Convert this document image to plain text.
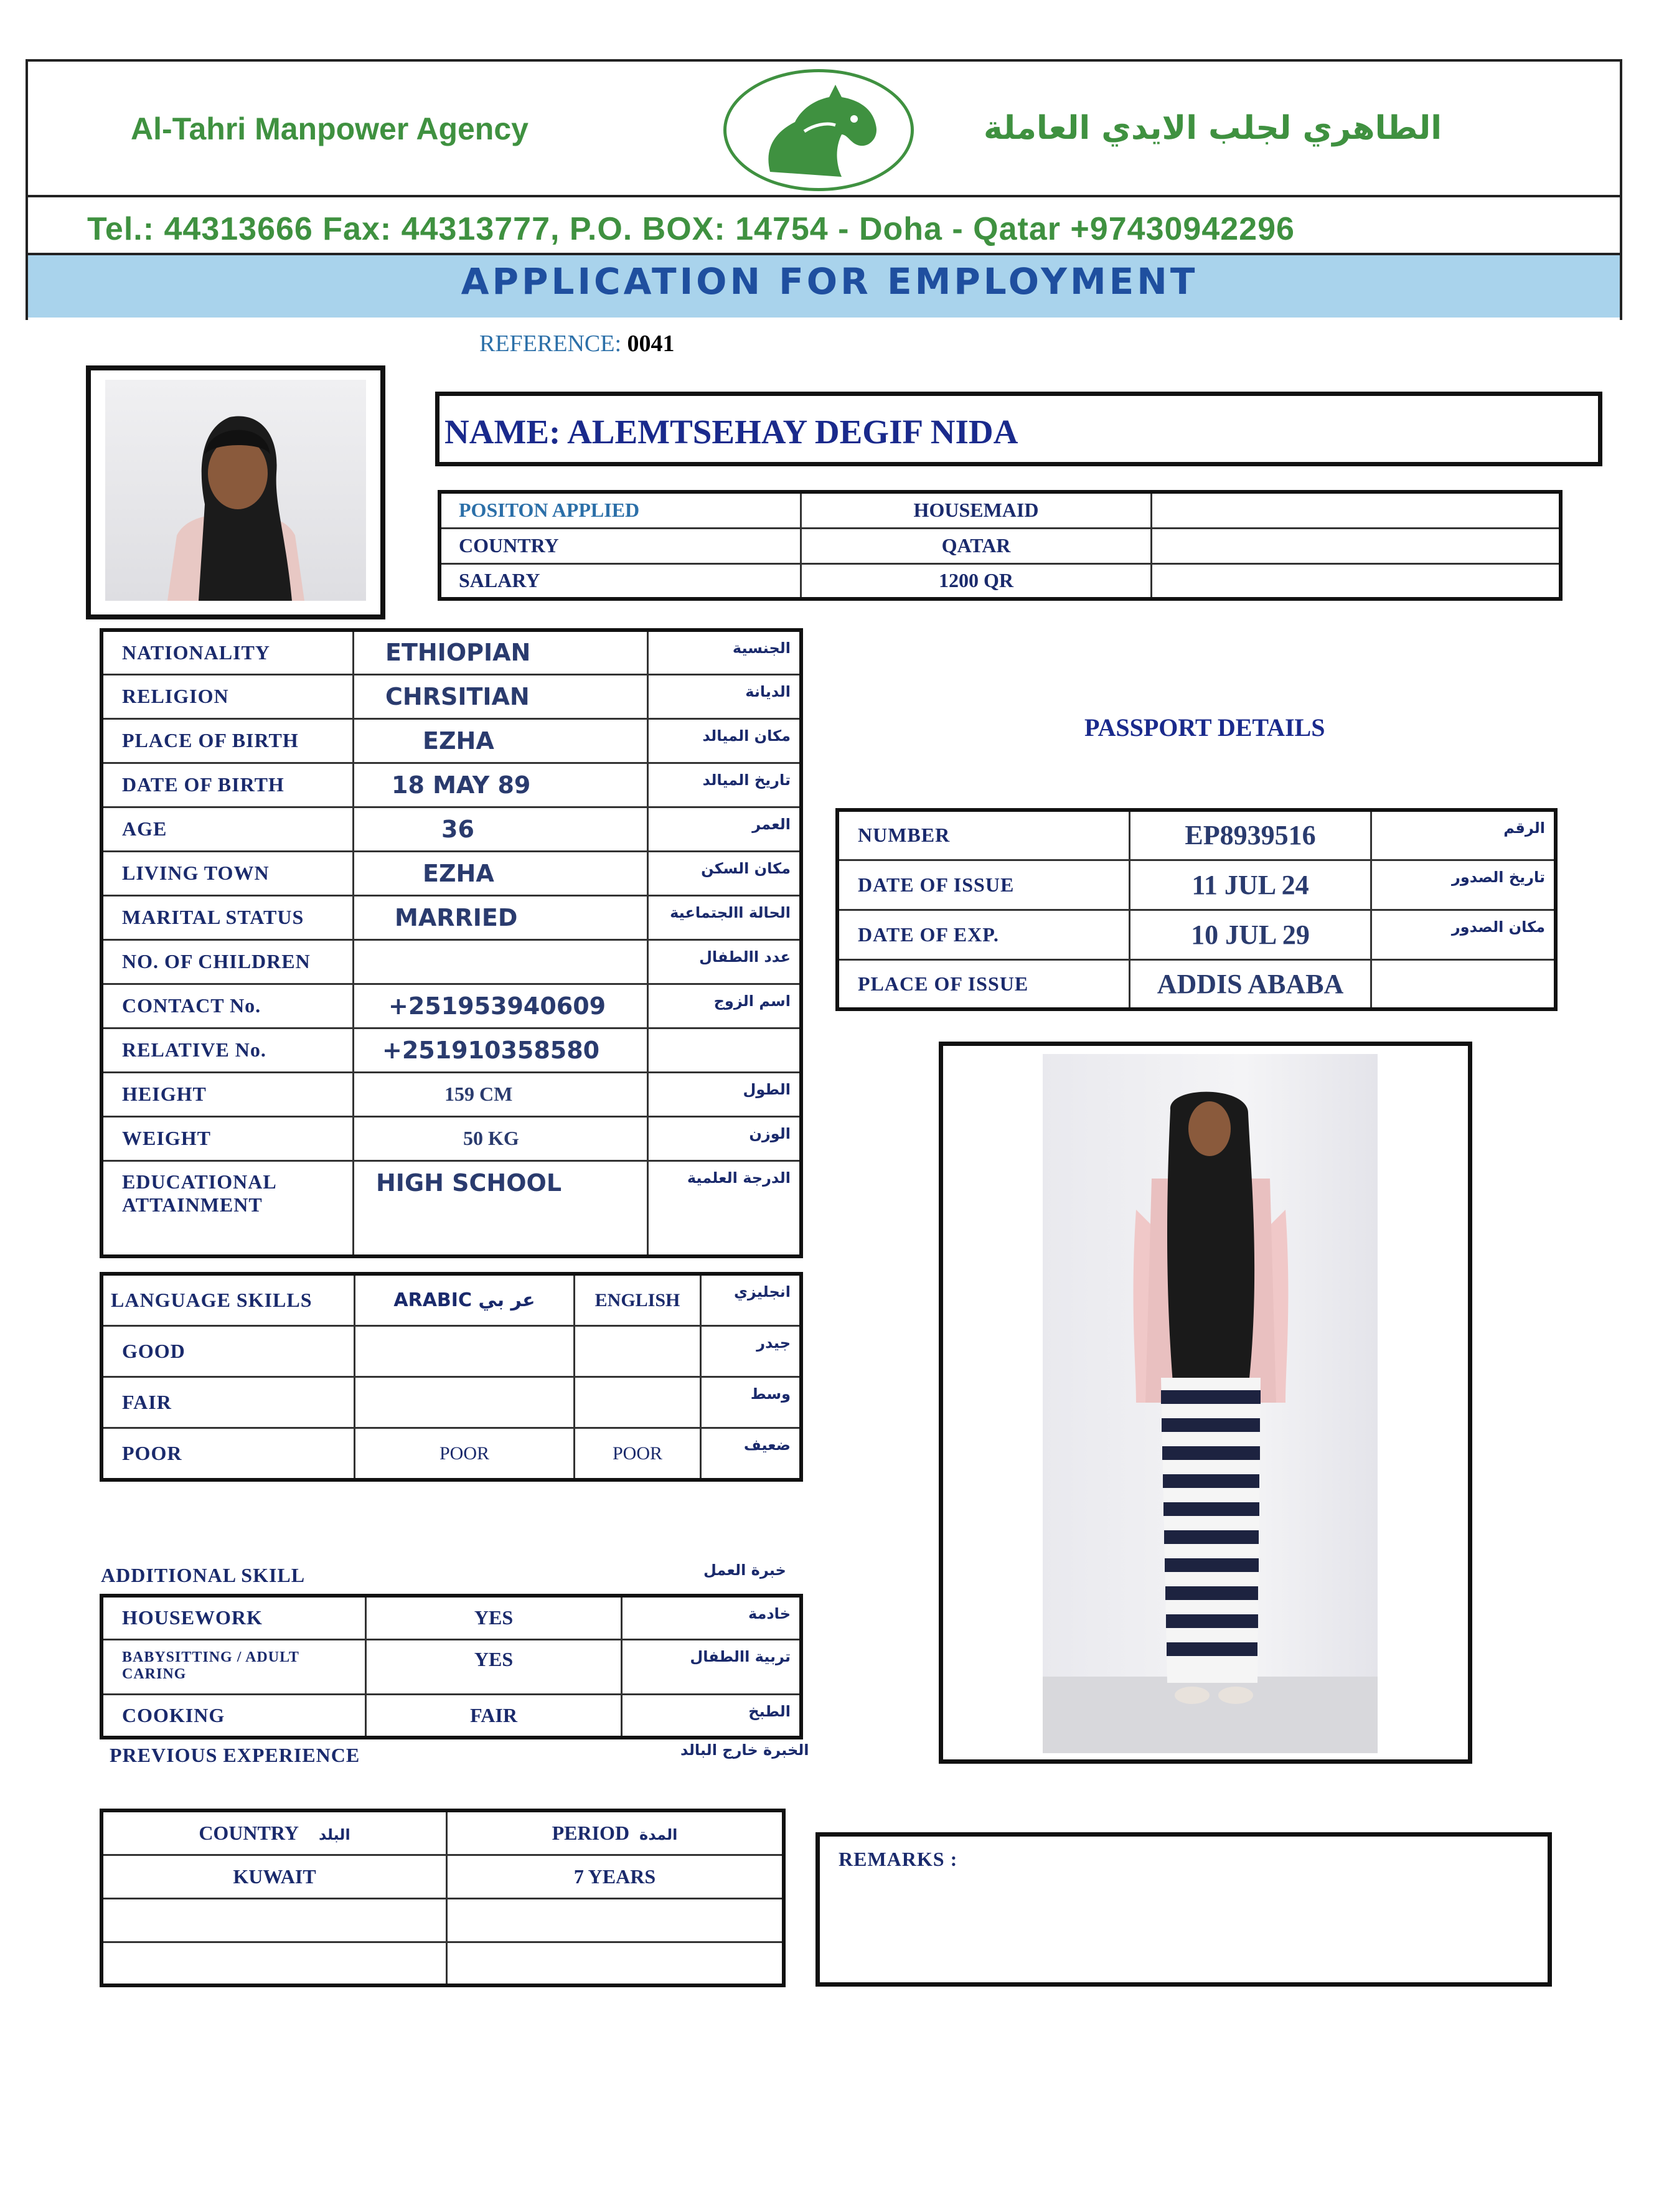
Al-Tahri Manpower Agency	الطاهري لجلب الايدي العاملة
Tel.: 44313666 Fax: 44313777, P.O. BOX: 14754 - Doha - Qatar +97430942296
APPLICATION FOR EMPLOYMENT
REFERENCE: 0041
NAME: ALEMTSEHAY DEGIF NIDA
POSITON APPLIED	HOUSEMAID	
COUNTRY	QATAR	
SALARY	1200 QR	
NATIONALITY	ETHIOPIAN	الجنسية
RELIGION	CHRSITIAN	الديانة
PLACE OF BIRTH	EZHA	مكان الميالد
DATE OF BIRTH	18 MAY 89	تاريخ الميالد
AGE	36	العمر
LIVING TOWN	EZHA	مكان السكن
MARITAL STATUS	MARRIED	الحالة االجتماعية
NO. OF CHILDREN		عدد االطفال
CONTACT No.	+251953940609	اسم الزوج
RELATIVE No.	+251910358580	
HEIGHT	159 CM	الطول
WEIGHT	50 KG	الوزن
EDUCATIONAL ATTAINMENT	HIGH SCHOOL	الدرجة العلمية
PASSPORT DETAILS
NUMBER	EP8939516	الرقم
DATE OF ISSUE	11 JUL 24	تاريخ الصدور
DATE OF EXP.	10 JUL 29	مكان الصدور
PLACE OF ISSUE	ADDIS ABABA	
LANGUAGE SKILLS	ARABIC عر بي	ENGLISH	انجليزي
GOOD			جيدر
FAIR			وسط
POOR	POOR	POOR	ضعيف
ADDITIONAL SKILL	خبرة العمل
HOUSEWORK	YES	خادمة
BABYSITTING / ADULT CARING	YES	تربية االطفال
COOKING	FAIR	الطبخ
PREVIOUS EXPERIENCE	الخبرة خارج البالد
COUNTRY البلد	PERIOD المدة
KUWAIT	7 YEARS

REMARKS :
